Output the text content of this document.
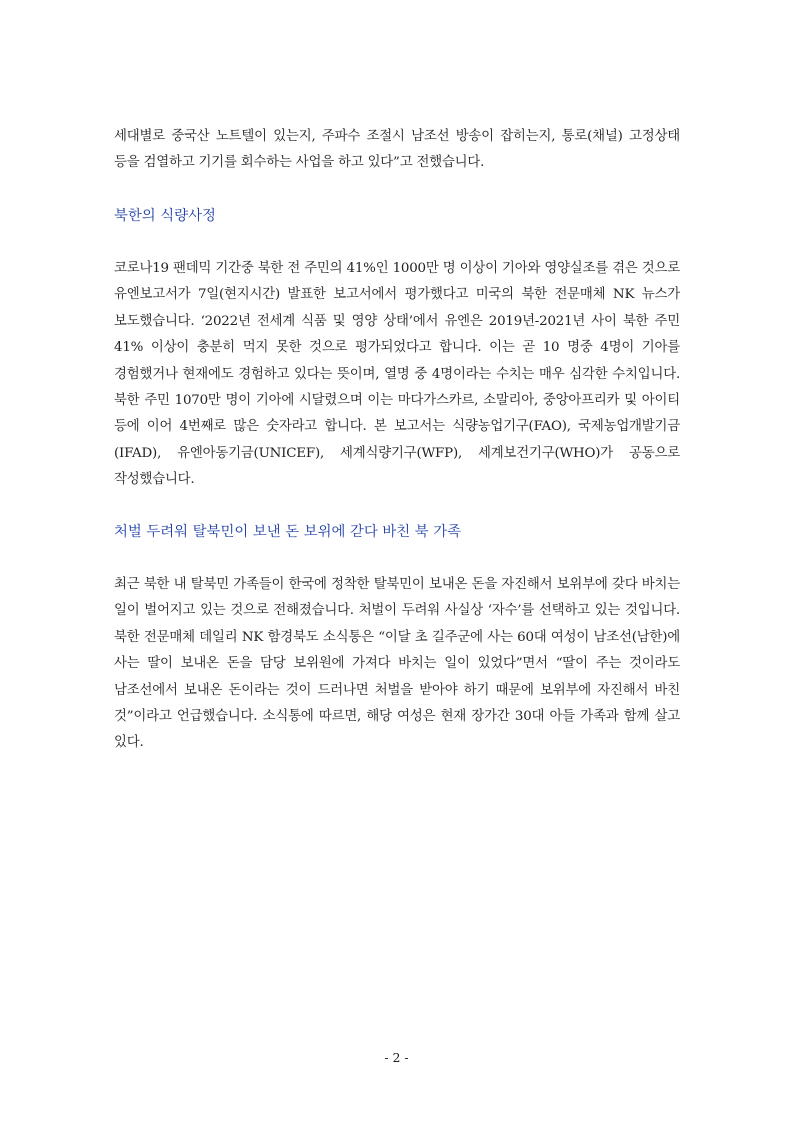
세대별로 중국산 노트텔이 있는지, 주파수 조절시 남조선 방송이 잡히는지, 통로(채널) 고정상태 등을 검열하고 기기를 회수하는 사업을 하고 있다”고 전했습니다.

북한의 식량사정

코로나19 팬데믹 기간중 북한 전 주민의 41%인 1000만 명 이상이 기아와 영양실조를 겪은 것으로 유엔보고서가 7일(현지시간) 발표한 보고서에서 평가했다고 미국의 북한 전문매체 NK 뉴스가 보도했습니다. ‘2022년 전세계 식품 및 영양 상태’에서 유엔은 2019년-2021년 사이 북한 주민 41% 이상이 충분히 먹지 못한 것으로 평가되었다고 합니다. 이는 곧 10 명중 4명이 기아를 경험했거나 현재에도 경험하고 있다는 뜻이며, 열명 중 4명이라는 수치는 매우 심각한 수치입니다. 북한 주민 1070만 명이 기아에 시달렸으며 이는 마다가스카르, 소말리아, 중앙아프리카 및 아이티 등에 이어 4번째로 많은 숫자라고 합니다. 본 보고서는 식량농업기구(FAO), 국제농업개발기금(IFAD), 유엔아동기금(UNICEF), 세계식량기구(WFP), 세계보건기구(WHO)가 공동으로 작성했습니다.

처벌 두려워 탈북민이 보낸 돈 보위에 갇다 바친 북 가족

최근 북한 내 탈북민 가족들이 한국에 정착한 탈북민이 보내온 돈을 자진해서 보위부에 갖다 바치는 일이 벌어지고 있는 것으로 전해졌습니다. 처벌이 두려워 사실상 ‘자수’를 선택하고 있는 것입니다. 북한 전문매체 데일리 NK 함경북도 소식통은 “이달 초 길주군에 사는 60대 여성이 남조선(남한)에 사는 딸이 보내온 돈을 담당 보위원에 가져다 바치는 일이 있었다”면서 “딸이 주는 것이라도 남조선에서 보내온 돈이라는 것이 드러나면 처벌을 받아야 하기 때문에 보위부에 자진해서 바친 것”이라고 언급했습니다. 소식통에 따르면, 해당 여성은 현재 장가간 30대 아들 가족과 함께 살고 있다.

- 2 -
